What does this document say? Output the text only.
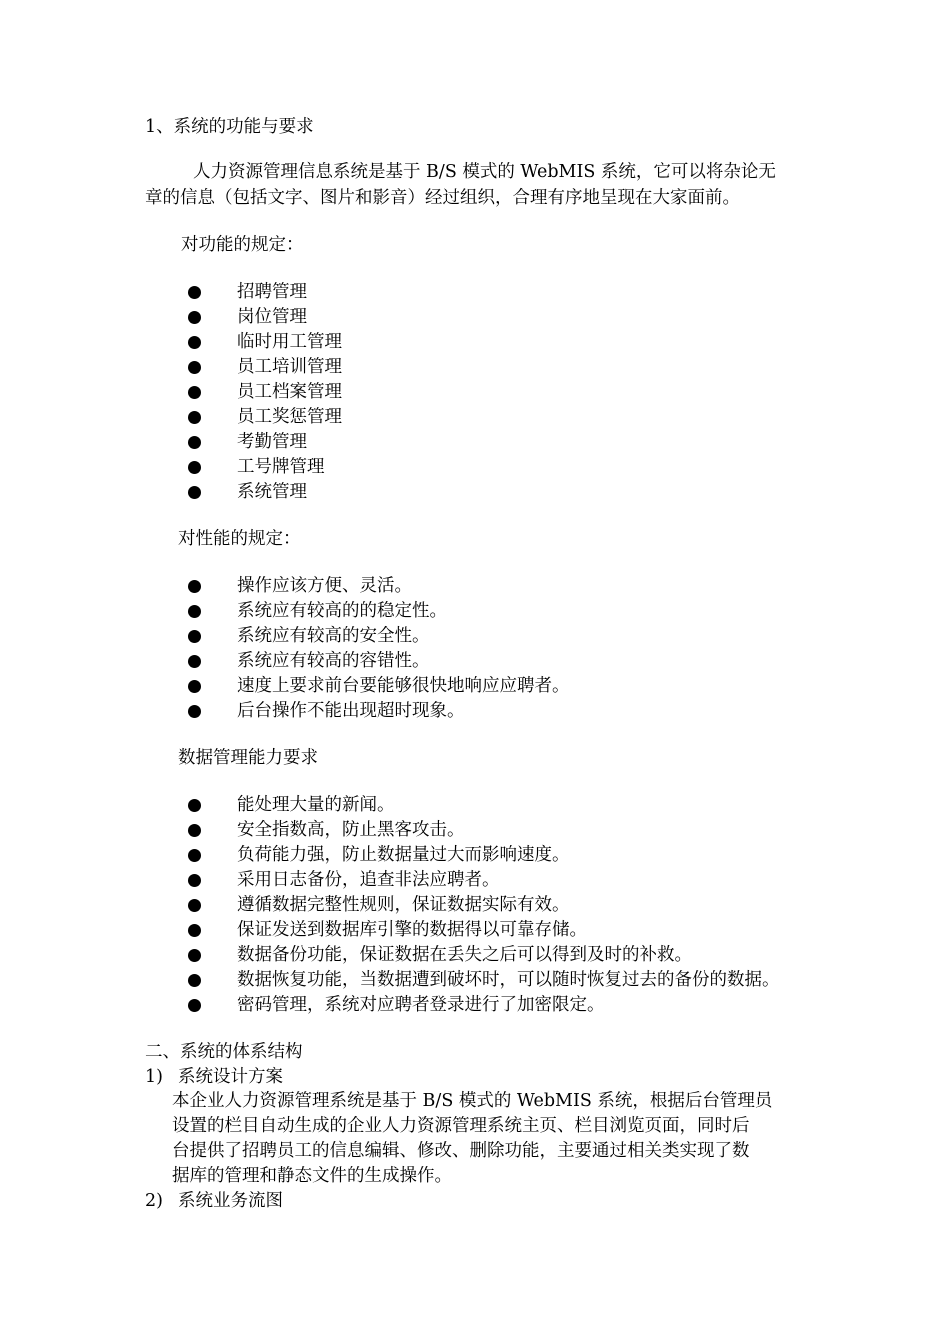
1、系统的功能与要求
人力资源管理信息系统是基于 B/S 模式的 WebMIS 系统，它可以将杂论无
章的信息（包括文字、图片和影音）经过组织，合理有序地呈现在大家面前。
对功能的规定：
招聘管理
岗位管理
临时用工管理
员工培训管理
员工档案管理
员工奖惩管理
考勤管理
工号牌管理
系统管理
对性能的规定：
操作应该方便、灵活。
系统应有较高的的稳定性。
系统应有较高的安全性。
系统应有较高的容错性。
速度上要求前台要能够很快地响应应聘者。
后台操作不能出现超时现象。
数据管理能力要求
能处理大量的新闻。
安全指数高，防止黑客攻击。
负荷能力强，防止数据量过大而影响速度。
采用日志备份，追查非法应聘者。
遵循数据完整性规则，保证数据实际有效。
保证发送到数据库引擎的数据得以可靠存储。
数据备份功能，保证数据在丢失之后可以得到及时的补救。
数据恢复功能，当数据遭到破坏时，可以随时恢复过去的备份的数据。
密码管理，系统对应聘者登录进行了加密限定。
二、系统的体系结构
1) 系统设计方案
本企业人力资源管理系统是基于 B/S 模式的 WebMIS 系统，根据后台管理员
设置的栏目自动生成的企业人力资源管理系统主页、栏目浏览页面，同时后
台提供了招聘员工的信息编辑、修改、删除功能，主要通过相关类实现了数
据库的管理和静态文件的生成操作。
2) 系统业务流图
